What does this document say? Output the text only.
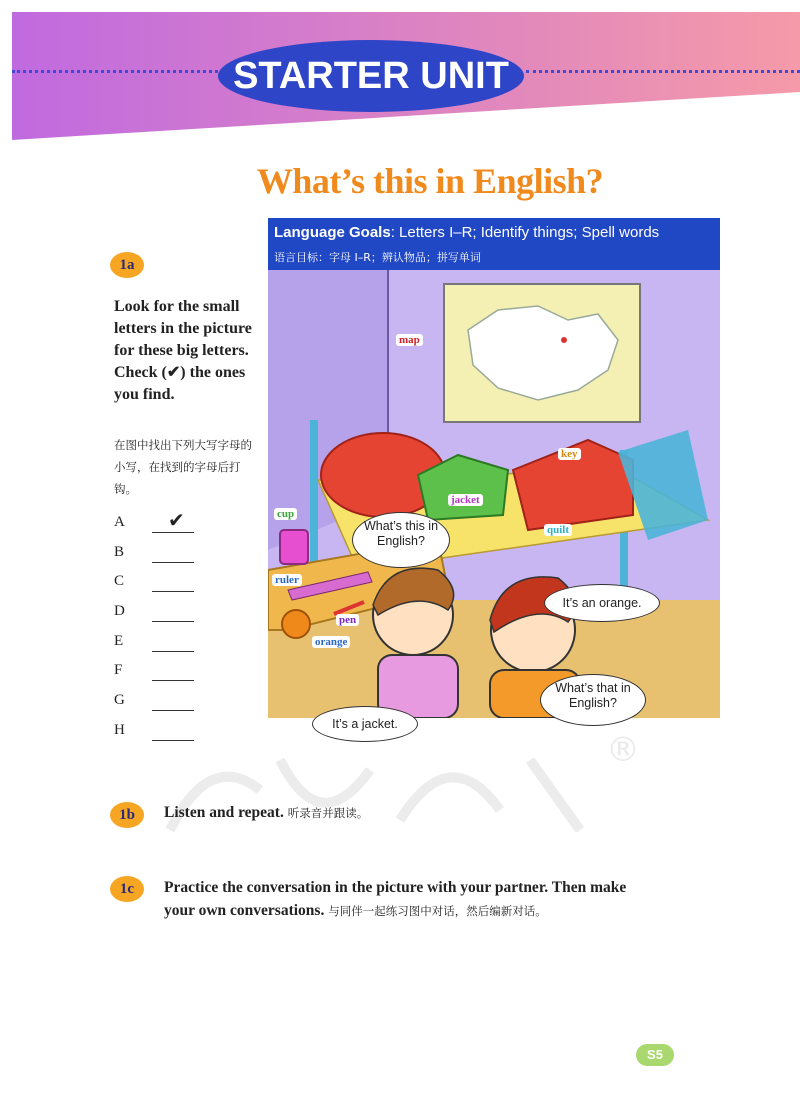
STARTER UNIT 2
What’s this in English?
Language Goals: Letters I–R; Identify things; Spell words
语言目标：字母 I–R；辨认物品；拼写单词
map
key
jacket
cup
quilt
ruler
pen
orange
What’s this in English?
It’s an orange.
What’s that in English?
It’s a jacket.
1a
Look for the small letters in the picture for these big letters. Check (✔) the ones you find.
在图中找出下列大写字母的小写，在找到的字母后打钩。
A ✔
B
C
D
E
F
G
H	®
1b	Listen and repeat. 听录音并跟读。
1c	Practice the conversation in the picture with your partner. Then make
your own conversations. 与同伴一起练习图中对话，然后编新对话。
S5
